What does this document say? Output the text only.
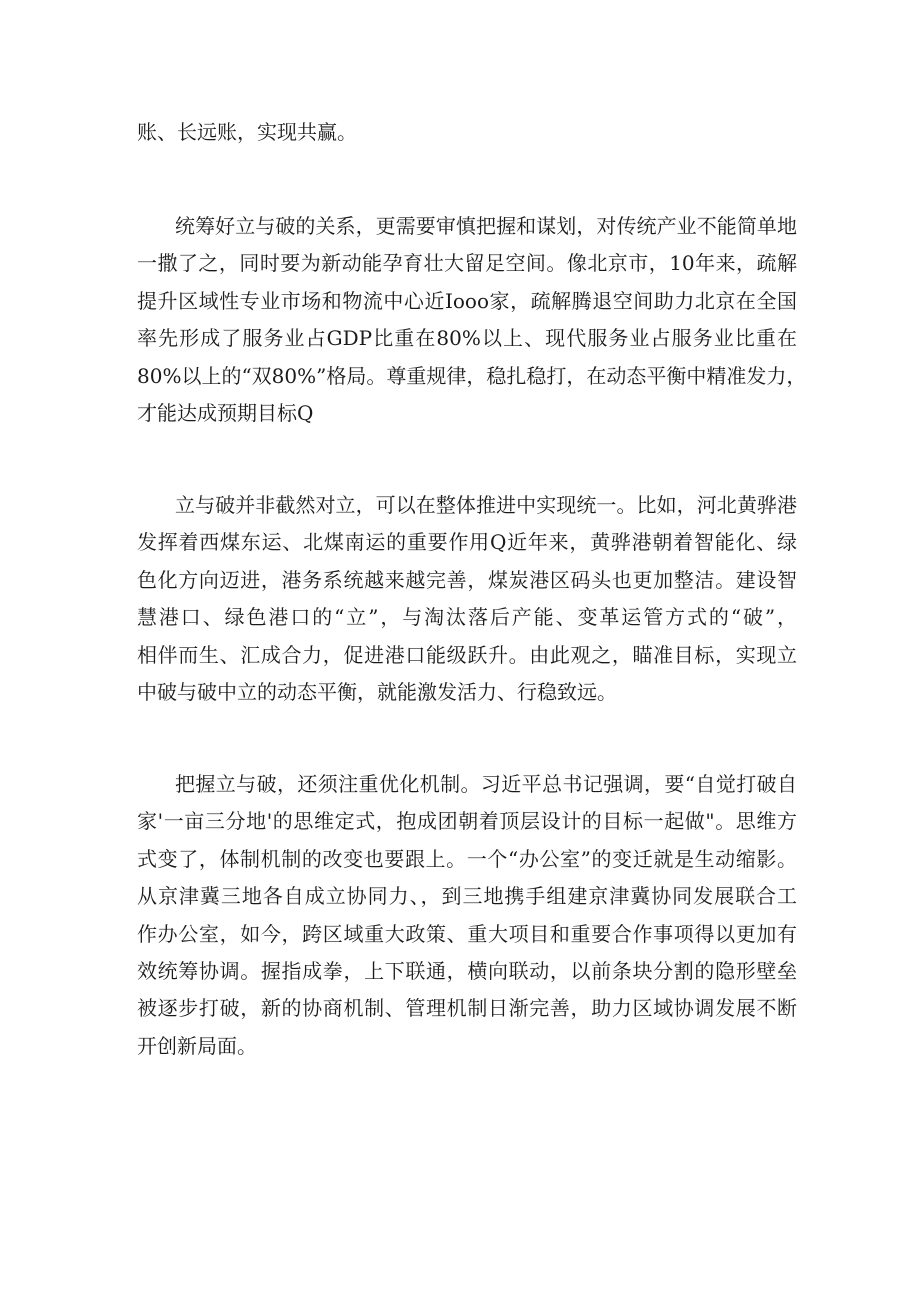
账、长远账，实现共赢。
统筹好立与破的关系，更需要审慎把握和谋划，对传统产业不能简单地
一撒了之，同时要为新动能孕育壮大留足空间。像北京市，10年来，疏解
提升区域性专业市场和物流中心近Iooo家，疏解腾退空间助力北京在全国
率先形成了服务业占GDP比重在80%以上、现代服务业占服务业比重在
80%以上的“双80%”格局。尊重规律，稳扎稳打，在动态平衡中精准发力，
才能达成预期目标Q
立与破并非截然对立，可以在整体推进中实现统一。比如，河北黄骅港
发挥着西煤东运、北煤南运的重要作用Q近年来，黄骅港朝着智能化、绿
色化方向迈进，港务系统越来越完善，煤炭港区码头也更加整洁。建设智
慧港口、绿色港口的“立”，与淘汰落后产能、变革运管方式的“破”，
相伴而生、汇成合力，促进港口能级跃升。由此观之，瞄准目标，实现立
中破与破中立的动态平衡，就能激发活力、行稳致远。
把握立与破，还须注重优化机制。习近平总书记强调，要“自觉打破自
家'一亩三分地'的思维定式，抱成团朝着顶层设计的目标一起做"。思维方
式变了，体制机制的改变也要跟上。一个“办公室”的变迁就是生动缩影。
从京津冀三地各自成立协同力、，到三地携手组建京津冀协同发展联合工
作办公室，如今，跨区域重大政策、重大项目和重要合作事项得以更加有
效统筹协调。握指成拳，上下联通，横向联动，以前条块分割的隐形壁垒
被逐步打破，新的协商机制、管理机制日渐完善，助力区域协调发展不断
开创新局面。
